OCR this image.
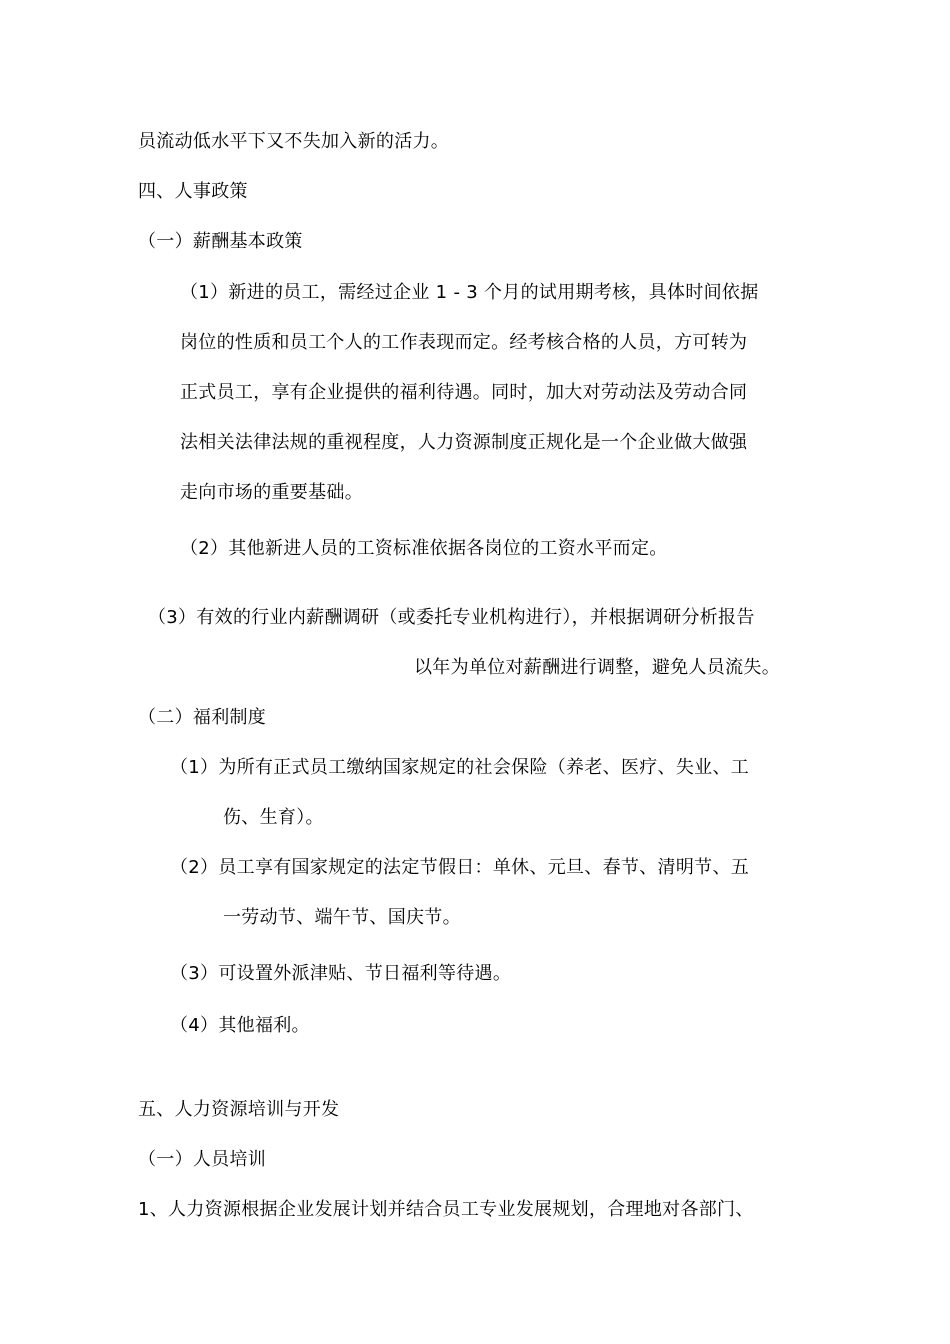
员流动低水平下又不失加入新的活力。
四、人事政策
（一）薪酬基本政策
（1）新进的员工，需经过企业 1 - 3 个月的试用期考核，具体时间依据
岗位的性质和员工个人的工作表现而定。经考核合格的人员，方可转为
正式员工，享有企业提供的福利待遇。同时，加大对劳动法及劳动合同
法相关法律法规的重视程度，人力资源制度正规化是一个企业做大做强
走向市场的重要基础。
（2）其他新进人员的工资标准依据各岗位的工资水平而定。
（3）有效的行业内薪酬调研（或委托专业机构进行），并根据调研分析报告
以年为单位对薪酬进行调整，避免人员流失。
（二）福利制度
（1）为所有正式员工缴纳国家规定的社会保险（养老、医疗、失业、工
伤、生育）。
（2）员工享有国家规定的法定节假日：单休、元旦、春节、清明节、五
一劳动节、端午节、国庆节。
（3）可设置外派津贴、节日福利等待遇。
（4）其他福利。
五、人力资源培训与开发
（一）人员培训
1、人力资源根据企业发展计划并结合员工专业发展规划，合理地对各部门、
